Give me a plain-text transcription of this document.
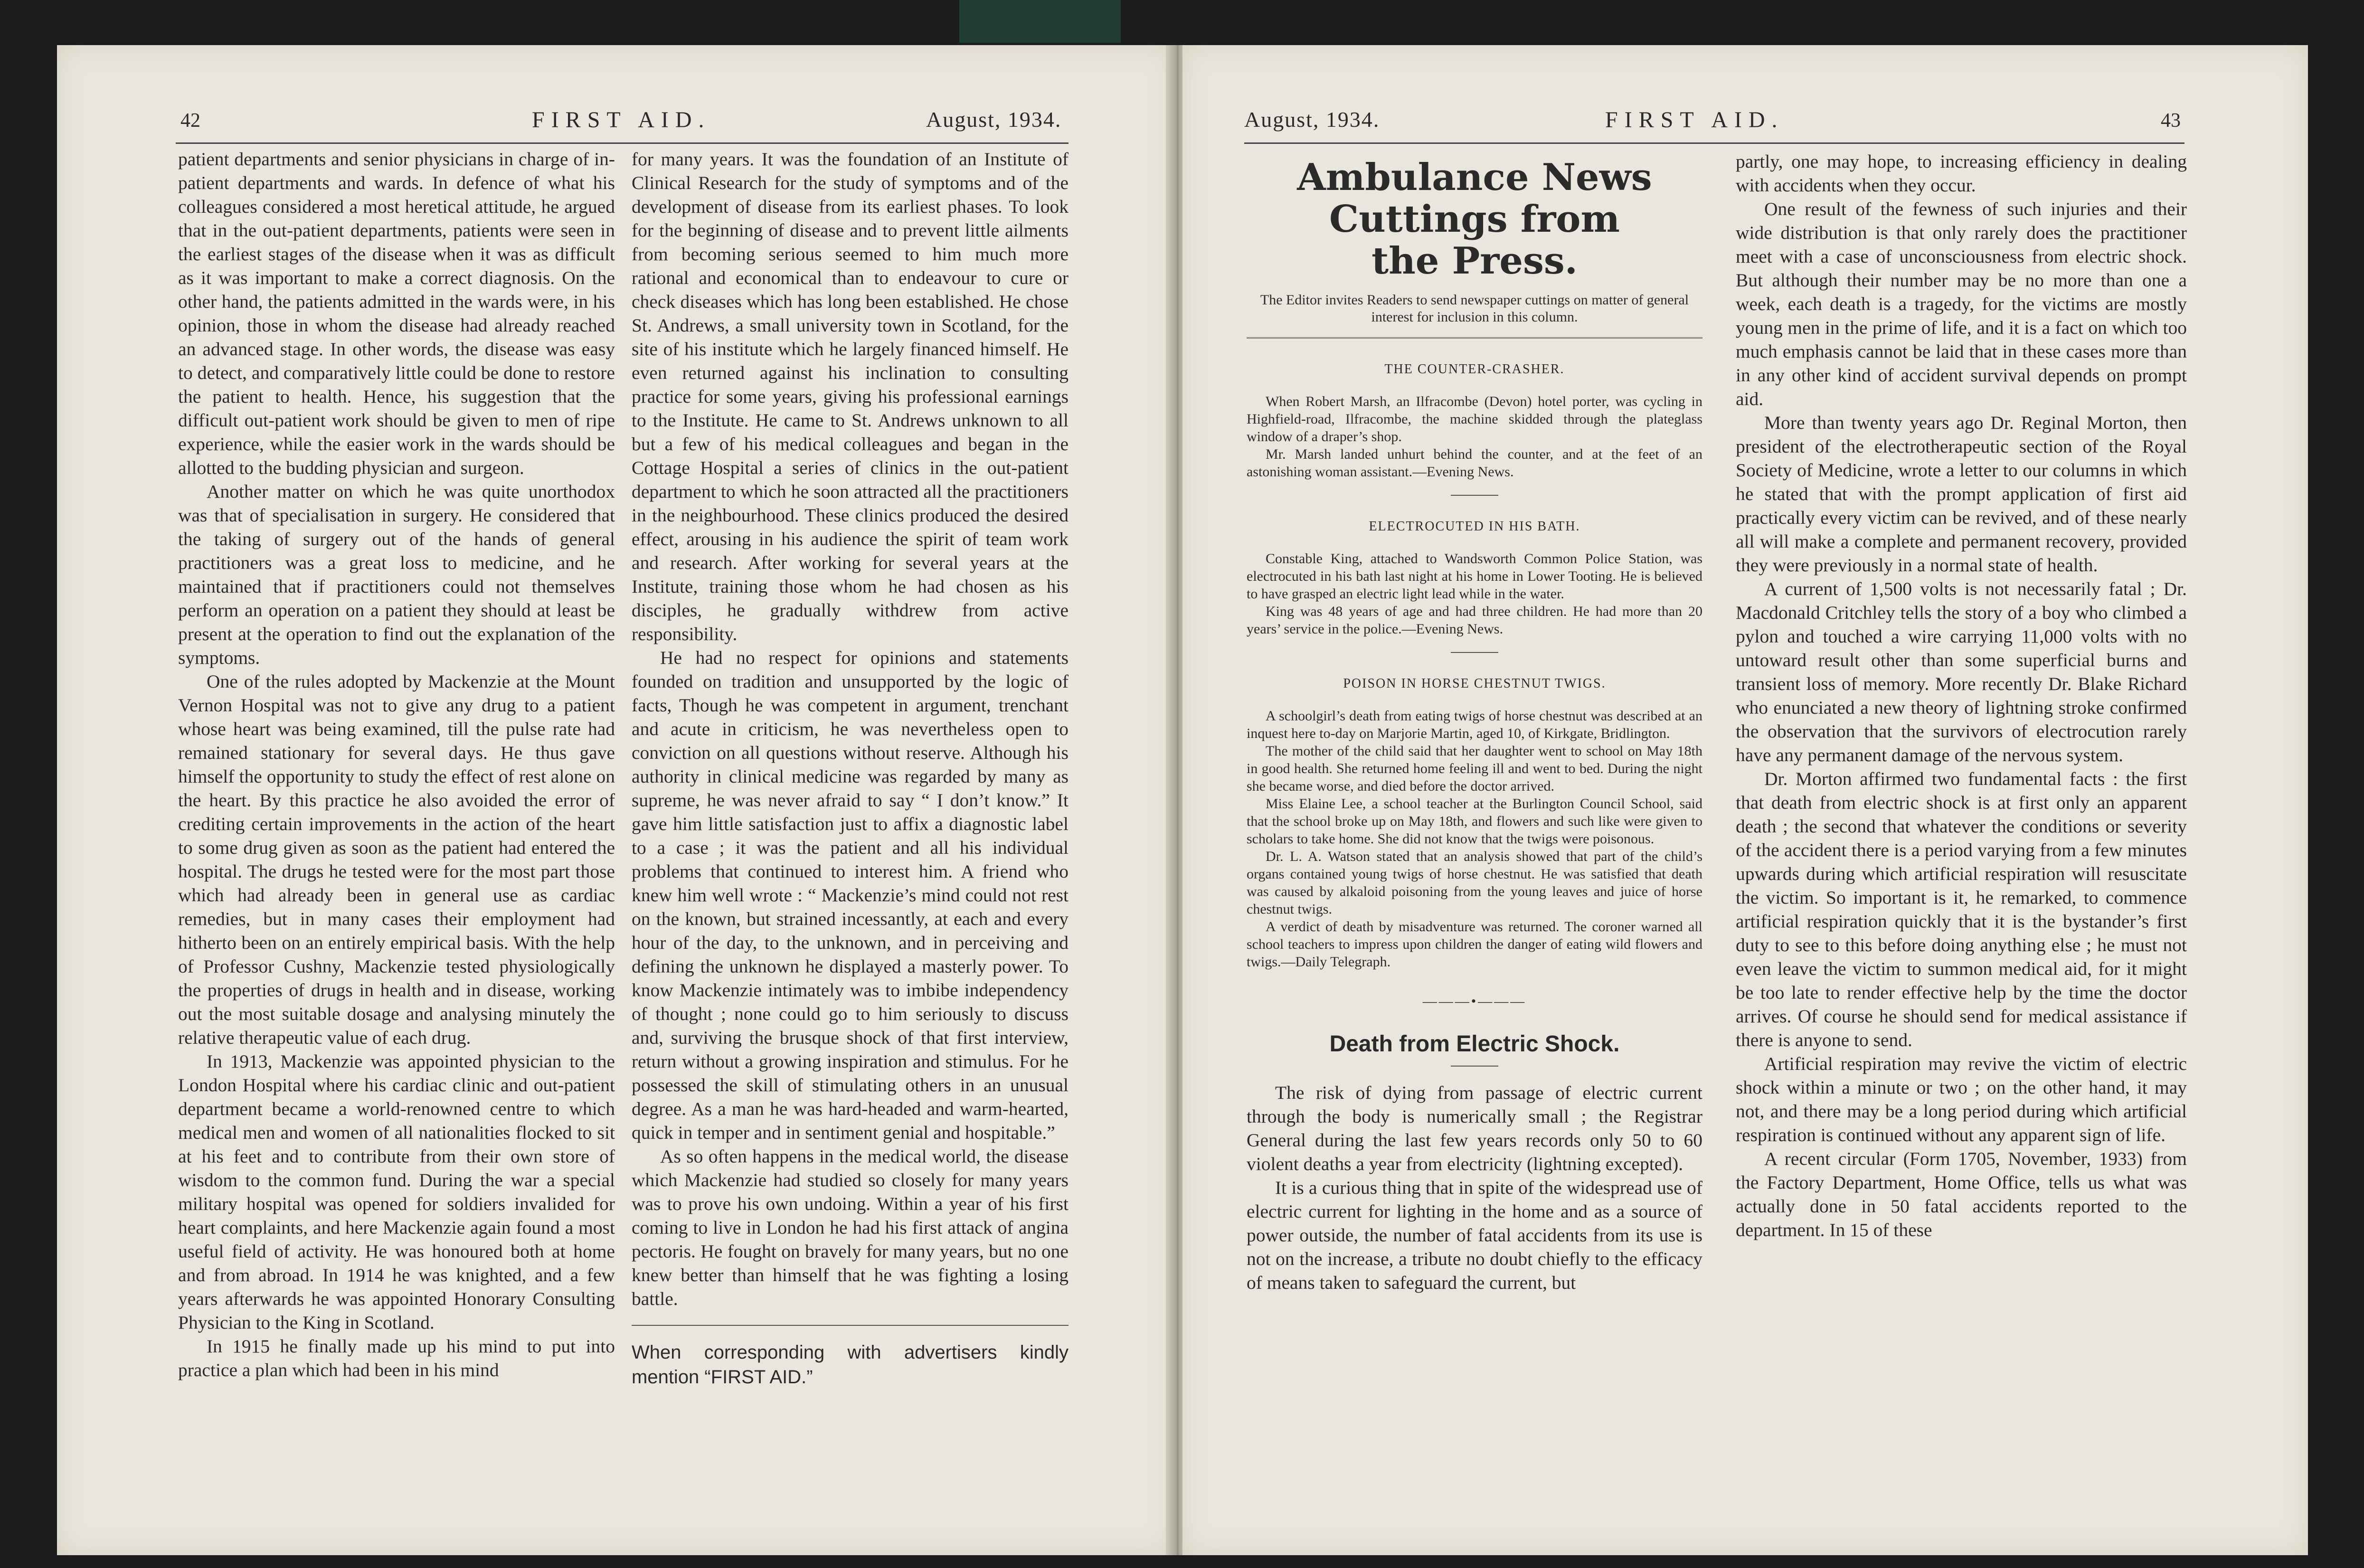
42	FIRST AID.	August, 1934.

patient departments and senior physicians in charge of in-patient departments and wards. In defence of what his colleagues considered a most heretical attitude, he argued that in the out-patient departments, patients were seen in the earliest stages of the disease when it was as difficult as it was important to make a correct diagnosis. On the other hand, the patients admitted in the wards were, in his opinion, those in whom the disease had already reached an advanced stage. In other words, the disease was easy to detect, and comparatively little could be done to restore the patient to health. Hence, his suggestion that the difficult out-patient work should be given to men of ripe experience, while the easier work in the wards should be allotted to the budding physician and surgeon.

Another matter on which he was quite unorthodox was that of specialisation in surgery. He considered that the taking of surgery out of the hands of general practitioners was a great loss to medicine, and he maintained that if practitioners could not themselves perform an operation on a patient they should at least be present at the operation to find out the explanation of the symptoms.

One of the rules adopted by Mackenzie at the Mount Vernon Hospital was not to give any drug to a patient whose heart was being examined, till the pulse rate had remained stationary for several days. He thus gave himself the opportunity to study the effect of rest alone on the heart. By this practice he also avoided the error of crediting certain improvements in the action of the heart to some drug given as soon as the patient had entered the hospital. The drugs he tested were for the most part those which had already been in general use as cardiac remedies, but in many cases their employment had hitherto been on an entirely empirical basis. With the help of Professor Cushny, Mackenzie tested physiologically the properties of drugs in health and in disease, working out the most suitable dosage and analysing minutely the relative therapeutic value of each drug.

In 1913, Mackenzie was appointed physician to the London Hospital where his cardiac clinic and out-patient department became a world-renowned centre to which medical men and women of all nationalities flocked to sit at his feet and to contribute from their own store of wisdom to the common fund. During the war a special military hospital was opened for soldiers invalided for heart complaints, and here Mackenzie again found a most useful field of activity. He was honoured both at home and from abroad. In 1914 he was knighted, and a few years afterwards he was appointed Honorary Consulting Physician to the King in Scotland.

In 1915 he finally made up his mind to put into practice a plan which had been in his mind

for many years. It was the foundation of an Institute of Clinical Research for the study of symptoms and of the development of disease from its earliest phases. To look for the beginning of disease and to prevent little ailments from becoming serious seemed to him much more rational and economical than to endeavour to cure or check diseases which has long been established. He chose St. Andrews, a small university town in Scotland, for the site of his institute which he largely financed himself. He even returned against his inclination to consulting practice for some years, giving his professional earnings to the Institute. He came to St. Andrews unknown to all but a few of his medical colleagues and began in the Cottage Hospital a series of clinics in the out-patient department to which he soon attracted all the practitioners in the neighbourhood. These clinics produced the desired effect, arousing in his audience the spirit of team work and research. After working for several years at the Institute, training those whom he had chosen as his disciples, he gradually withdrew from active responsibility.

He had no respect for opinions and statements founded on tradition and unsupported by the logic of facts, Though he was competent in argument, trenchant and acute in criticism, he was nevertheless open to conviction on all questions without reserve. Although his authority in clinical medicine was regarded by many as supreme, he was never afraid to say “ I don’t know.” It gave him little satisfaction just to affix a diagnostic label to a case ; it was the patient and all his individual problems that continued to interest him. A friend who knew him well wrote : “ Mackenzie’s mind could not rest on the known, but strained incessantly, at each and every hour of the day, to the unknown, and in perceiving and defining the unknown he displayed a masterly power. To know Mackenzie intimately was to imbibe independency of thought ; none could go to him seriously to discuss and, surviving the brusque shock of that first interview, return without a growing inspiration and stimulus. For he possessed the skill of stimulating others in an unusual degree. As a man he was hard-headed and warm-hearted, quick in temper and in sentiment genial and hospitable.”

As so often happens in the medical world, the disease which Mackenzie had studied so closely for many years was to prove his own undoing. Within a year of his first coming to live in London he had his first attack of angina pectoris. He fought on bravely for many years, but no one knew better than himself that he was fighting a losing battle.

When corresponding with advertisers kindly mention “FIRST AID.”
August, 1934.	FIRST AID.	43
Ambulance News Cuttings from
the Press.
The Editor invites Readers to send newspaper cuttings on matter of general interest for inclusion in this column.
THE COUNTER-CRASHER.

When Robert Marsh, an Ilfracombe (Devon) hotel porter, was cycling in Highfield-road, Ilfracombe, the machine skidded through the plateglass window of a draper’s shop.

Mr. Marsh landed unhurt behind the counter, and at the feet of an astonishing woman assistant.—Evening News.

ELECTROCUTED IN HIS BATH.

Constable King, attached to Wandsworth Common Police Station, was electrocuted in his bath last night at his home in Lower Tooting. He is believed to have grasped an electric light lead while in the water.

King was 48 years of age and had three children. He had more than 20 years’ service in the police.—Evening News.

POISON IN HORSE CHESTNUT TWIGS.

A schoolgirl’s death from eating twigs of horse chestnut was described at an inquest here to-day on Marjorie Martin, aged 10, of Kirkgate, Bridlington.

The mother of the child said that her daughter went to school on May 18th in good health. She returned home feeling ill and went to bed. During the night she became worse, and died before the doctor arrived.

Miss Elaine Lee, a school teacher at the Burlington Council School, said that the school broke up on May 18th, and flowers and such like were given to scholars to take home. She did not know that the twigs were poisonous.

Dr. L. A. Watson stated that an analysis showed that part of the child’s organs contained young twigs of horse chestnut. He was satisfied that death was caused by alkaloid poisoning from the young leaves and juice of horse chestnut twigs.

A verdict of death by misadventure was returned. The coroner warned all school teachers to impress upon children the danger of eating wild flowers and twigs.—Daily Telegraph.

———•———
Death from Electric Shock.

The risk of dying from passage of electric current through the body is numerically small ; the Registrar General during the last few years records only 50 to 60 violent deaths a year from electricity (lightning excepted).

It is a curious thing that in spite of the widespread use of electric current for lighting in the home and as a source of power outside, the number of fatal accidents from its use is not on the increase, a tribute no doubt chiefly to the efficacy of means taken to safeguard the current, but

partly, one may hope, to increasing efficiency in dealing with accidents when they occur.

One result of the fewness of such injuries and their wide distribution is that only rarely does the practitioner meet with a case of unconsciousness from electric shock. But although their number may be no more than one a week, each death is a tragedy, for the victims are mostly young men in the prime of life, and it is a fact on which too much emphasis cannot be laid that in these cases more than in any other kind of accident survival depends on prompt aid.

More than twenty years ago Dr. Reginal Morton, then president of the electrotherapeutic section of the Royal Society of Medicine, wrote a letter to our columns in which he stated that with the prompt application of first aid practically every victim can be revived, and of these nearly all will make a complete and permanent recovery, provided they were previously in a normal state of health.

A current of 1,500 volts is not necessarily fatal ; Dr. Macdonald Critchley tells the story of a boy who climbed a pylon and touched a wire carrying 11,000 volts with no untoward result other than some superficial burns and transient loss of memory. More recently Dr. Blake Richard who enunciated a new theory of lightning stroke confirmed the observation that the survivors of electrocution rarely have any permanent damage of the nervous system.

Dr. Morton affirmed two fundamental facts : the first that death from electric shock is at first only an apparent death ; the second that whatever the conditions or severity of the accident there is a period varying from a few minutes upwards during which artificial respiration will resuscitate the victim. So important is it, he remarked, to commence artificial respiration quickly that it is the bystander’s first duty to see to this before doing anything else ; he must not even leave the victim to summon medical aid, for it might be too late to render effective help by the time the doctor arrives. Of course he should send for medical assistance if there is anyone to send.

Artificial respiration may revive the victim of electric shock within a minute or two ; on the other hand, it may not, and there may be a long period during which artificial respiration is continued without any apparent sign of life.

A recent circular (Form 1705, November, 1933) from the Factory Department, Home Office, tells us what was actually done in 50 fatal accidents reported to the department. In 15 of these
